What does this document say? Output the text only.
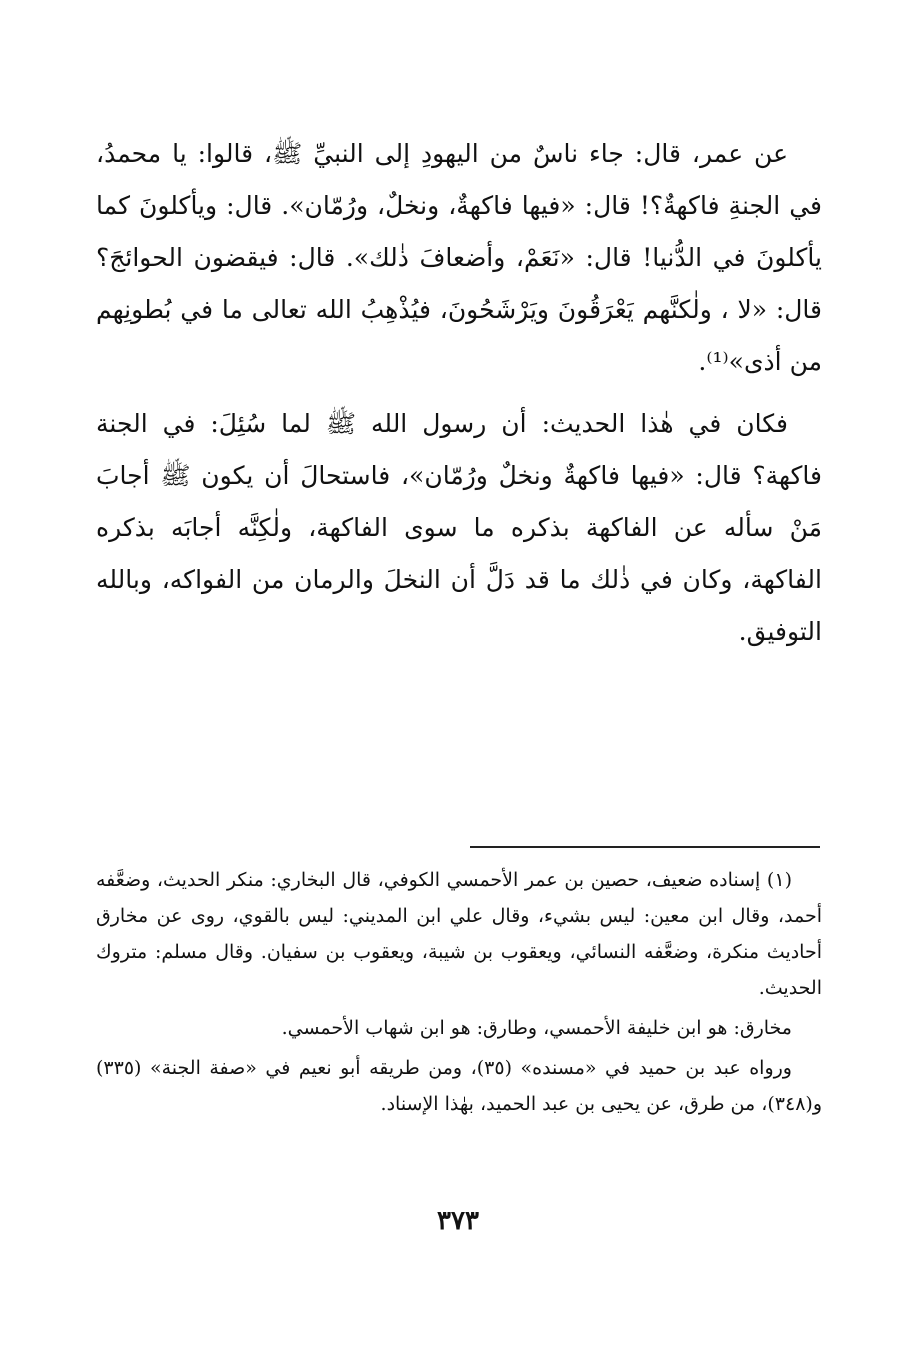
عن عمر، قال: جاء ناسٌ من اليهودِ إلى النبيِّ ﷺ، قالوا: يا محمدُ، في الجنةِ فاكهةٌ؟! قال: «فيها فاكهةٌ، ونخلٌ، ورُمّان». قال: ويأكلونَ كما يأكلونَ في الدُّنيا! قال: «نَعَمْ، وأضعافَ ذٰلك». قال: فيقضون الحوائجَ؟ قال: «لا ، ولٰكنَّهم يَعْرَقُونَ ويَرْشَحُونَ، فيُذْهِبُ الله تعالى ما في بُطونِهم من أذى»⁽¹⁾.

فكان في هٰذا الحديث: أن رسول الله ﷺ لما سُئِلَ: في الجنة فاكهة؟ قال: «فيها فاكهةٌ ونخلٌ ورُمّان»، فاستحالَ أن يكون ﷺ أجابَ مَنْ سأله عن الفاكهة بذكره ما سوى الفاكهة، ولٰكِنَّه أجابَه بذكره الفاكهة، وكان في ذٰلك ما قد دَلَّ أن النخلَ والرمان من الفواكه، وبالله التوفيق.

(١) إسناده ضعيف، حصين بن عمر الأحمسي الكوفي، قال البخاري: منكر الحديث، وضعَّفه أحمد، وقال ابن معين: ليس بشيء، وقال علي ابن المديني: ليس بالقوي، روى عن مخارق أحاديث منكرة، وضعَّفه النسائي، ويعقوب بن شيبة، ويعقوب بن سفيان. وقال مسلم: متروك الحديث.

مخارق: هو ابن خليفة الأحمسي، وطارق: هو ابن شهاب الأحمسي.

ورواه عبد بن حميد في «مسنده» (٣٥)، ومن طريقه أبو نعيم في «صفة الجنة» (٣٣٥) و(٣٤٨)، من طرق، عن يحيى بن عبد الحميد، بهٰذا الإسناد.

٣٧٣
